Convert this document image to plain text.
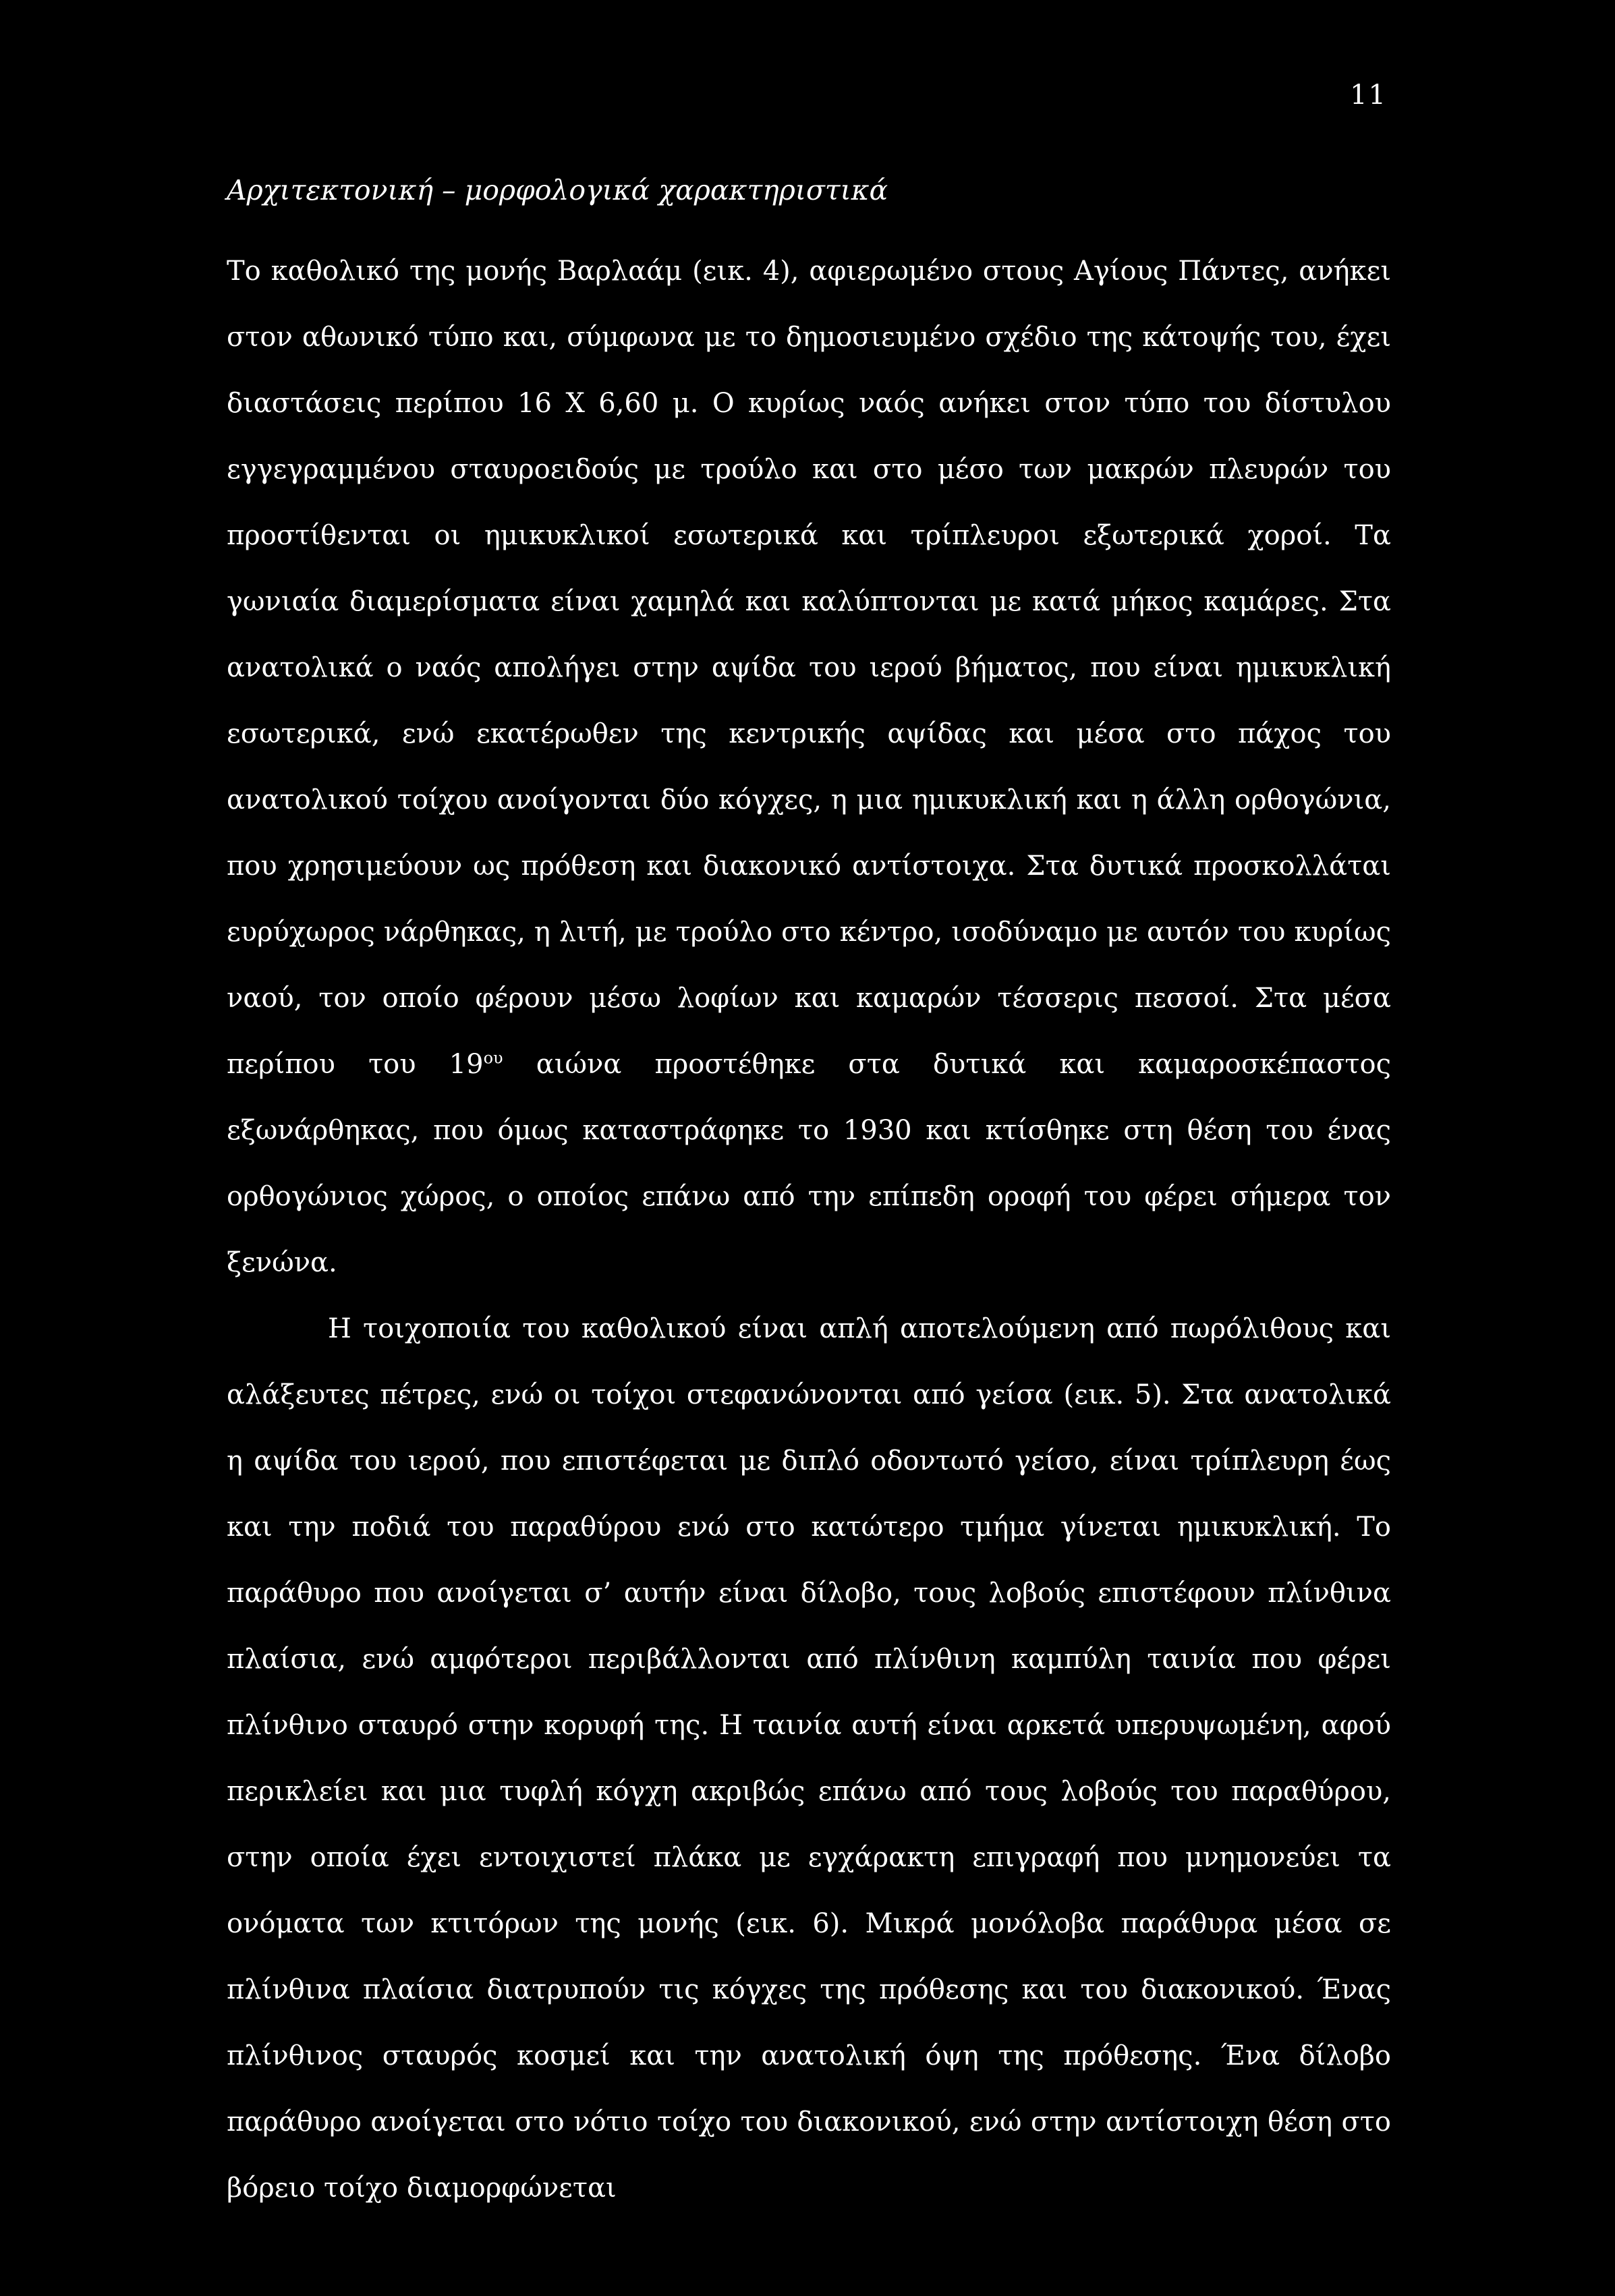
11
Αρχιτεκτονική – μορφολογικά χαρακτηριστικά

Το καθολικό της μονής Βαρλαάμ (εικ. 4), αφιερωμένο στους Αγίους Πάντες, ανήκει στον αθωνικό τύπο και, σύμφωνα με το δημοσιευμένο σχέδιο της κάτοψής του, έχει διαστάσεις περίπου 16 Χ 6,60 μ. Ο κυρίως ναός ανήκει στον τύπο του δίστυλου εγγεγραμμένου σταυροειδούς με τρούλο και στο μέσο των μακρών πλευρών του προστίθενται οι ημικυκλικοί εσωτερικά και τρίπλευροι εξωτερικά χοροί. Τα γωνιαία διαμερίσματα είναι χαμηλά και καλύπτονται με κατά μήκος καμάρες. Στα ανατολικά ο ναός απολήγει στην αψίδα του ιερού βήματος, που είναι ημικυκλική εσωτερικά, ενώ εκατέρωθεν της κεντρικής αψίδας και μέσα στο πάχος του ανατολικού τοίχου ανοίγονται δύο κόγχες, η μια ημικυκλική και η άλλη ορθογώνια, που χρησιμεύουν ως πρόθεση και διακονικό αντίστοιχα. Στα δυτικά προσκολλάται ευρύχωρος νάρθηκας, η λιτή, με τρούλο στο κέντρο, ισοδύναμο με αυτόν του κυρίως ναού, τον οποίο φέρουν μέσω λοφίων και καμαρών τέσσερις πεσσοί. Στα μέσα περίπου του $19^{o\upsilon}$ αιώνα προστέθηκε στα δυτικά και καμαροσκέπαστος εξωνάρθηκας, που όμως καταστράφηκε το 1930 και κτίσθηκε στη θέση του ένας ορθογώνιος χώρος, ο οποίος επάνω από την επίπεδη οροφή του φέρει σήμερα τον ξενώνα.

Η τοιχοποιία του καθολικού είναι απλή αποτελούμενη από πωρόλιθους και αλάξευτες πέτρες, ενώ οι τοίχοι στεφανώνονται από γείσα (εικ. 5). Στα ανατολικά η αψίδα του ιερού, που επιστέφεται με διπλό οδοντωτό γείσο, είναι τρίπλευρη έως και την ποδιά του παραθύρου ενώ στο κατώτερο τμήμα γίνεται ημικυκλική. Το παράθυρο που ανοίγεται σ’ αυτήν είναι δίλοβο, τους λοβούς επιστέφουν πλίνθινα πλαίσια, ενώ αμφότεροι περιβάλλονται από πλίνθινη καμπύλη ταινία που φέρει πλίνθινο σταυρό στην κορυφή της. Η ταινία αυτή είναι αρκετά υπερυψωμένη, αφού περικλείει και μια τυφλή κόγχη ακριβώς επάνω από τους λοβούς του παραθύρου, στην οποία έχει εντοιχιστεί πλάκα με εγχάρακτη επιγραφή που μνημονεύει τα ονόματα των κτιτόρων της μονής (εικ. 6). Μικρά μονόλοβα παράθυρα μέσα σε πλίνθινα πλαίσια διατρυπούν τις κόγχες της πρόθεσης και του διακονικού. Ένας πλίνθινος σταυρός κοσμεί και την ανατολική όψη της πρόθεσης. Ένα δίλοβο παράθυρο ανοίγεται στο νότιο τοίχο του διακονικού, ενώ στην αντίστοιχη θέση στο βόρειο τοίχο διαμορφώνεται
